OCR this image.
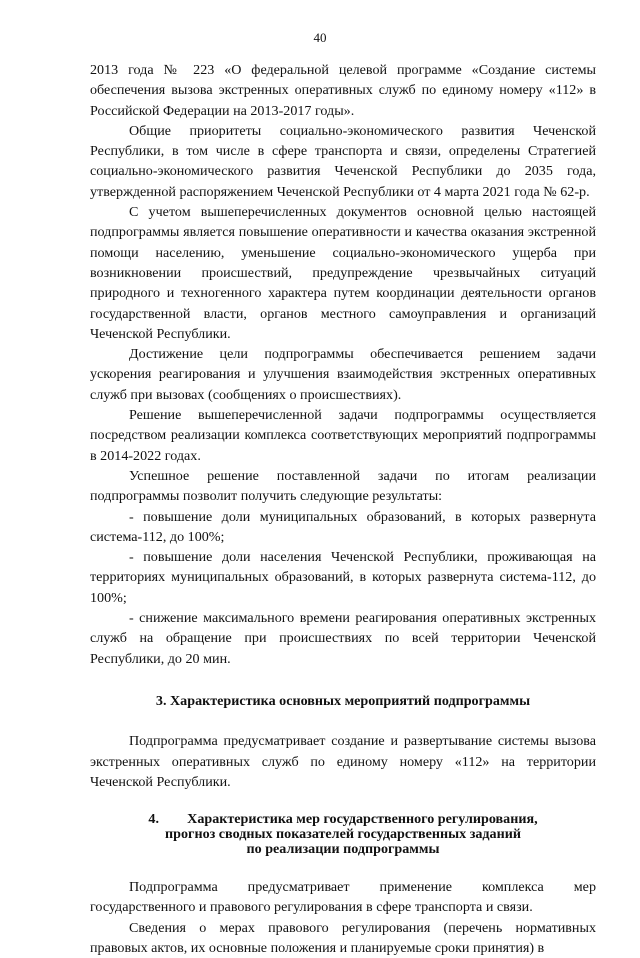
40

2013 года № 223 «О федеральной целевой программе «Создание системы обеспечения вызова экстренных оперативных служб по единому номеру «112» в Российской Федерации на 2013-2017 годы».

Общие приоритеты социально-экономического развития Чеченской Республики, в том числе в сфере транспорта и связи, определены Стратегией социально-экономического развития Чеченской Республики до 2035 года, утвержденной распоряжением Чеченской Республики от 4 марта 2021 года № 62-р.

С учетом вышеперечисленных документов основной целью настоящей подпрограммы является повышение оперативности и качества оказания экстренной помощи населению, уменьшение социально-экономического ущерба при возникновении происшествий, предупреждение чрезвычайных ситуаций природного и техногенного характера путем координации деятельности органов государственной власти, органов местного самоуправления и организаций Чеченской Республики.

Достижение цели подпрограммы обеспечивается решением задачи ускорения реагирования и улучшения взаимодействия экстренных оперативных служб при вызовах (сообщениях о происшествиях).

Решение вышеперечисленной задачи подпрограммы осуществляется посредством реализации комплекса соответствующих мероприятий подпрограммы в 2014-2022 годах.

Успешное решение поставленной задачи по итогам реализации подпрограммы позволит получить следующие результаты:

- повышение доли муниципальных образований, в которых развернута система-112, до 100%;

- повышение доли населения Чеченской Республики, проживающая на территориях муниципальных образований, в которых развернута система-112, до 100%;

- снижение максимального времени реагирования оперативных экстренных служб на обращение при происшествиях по всей территории Чеченской Республики, до 20 мин.

3. Характеристика основных мероприятий подпрограммы

Подпрограмма предусматривает создание и развертывание системы вызова экстренных оперативных служб по единому номеру «112» на территории Чеченской Республики.

4.        Характеристика мер государственного регулирования,
прогноз сводных показателей государственных заданий
по реализации подпрограммы

Подпрограмма предусматривает применение комплекса мер государственного и правового регулирования в сфере транспорта и связи.

Сведения о мерах правового регулирования (перечень нормативных правовых актов, их основные положения и планируемые сроки принятия) в
